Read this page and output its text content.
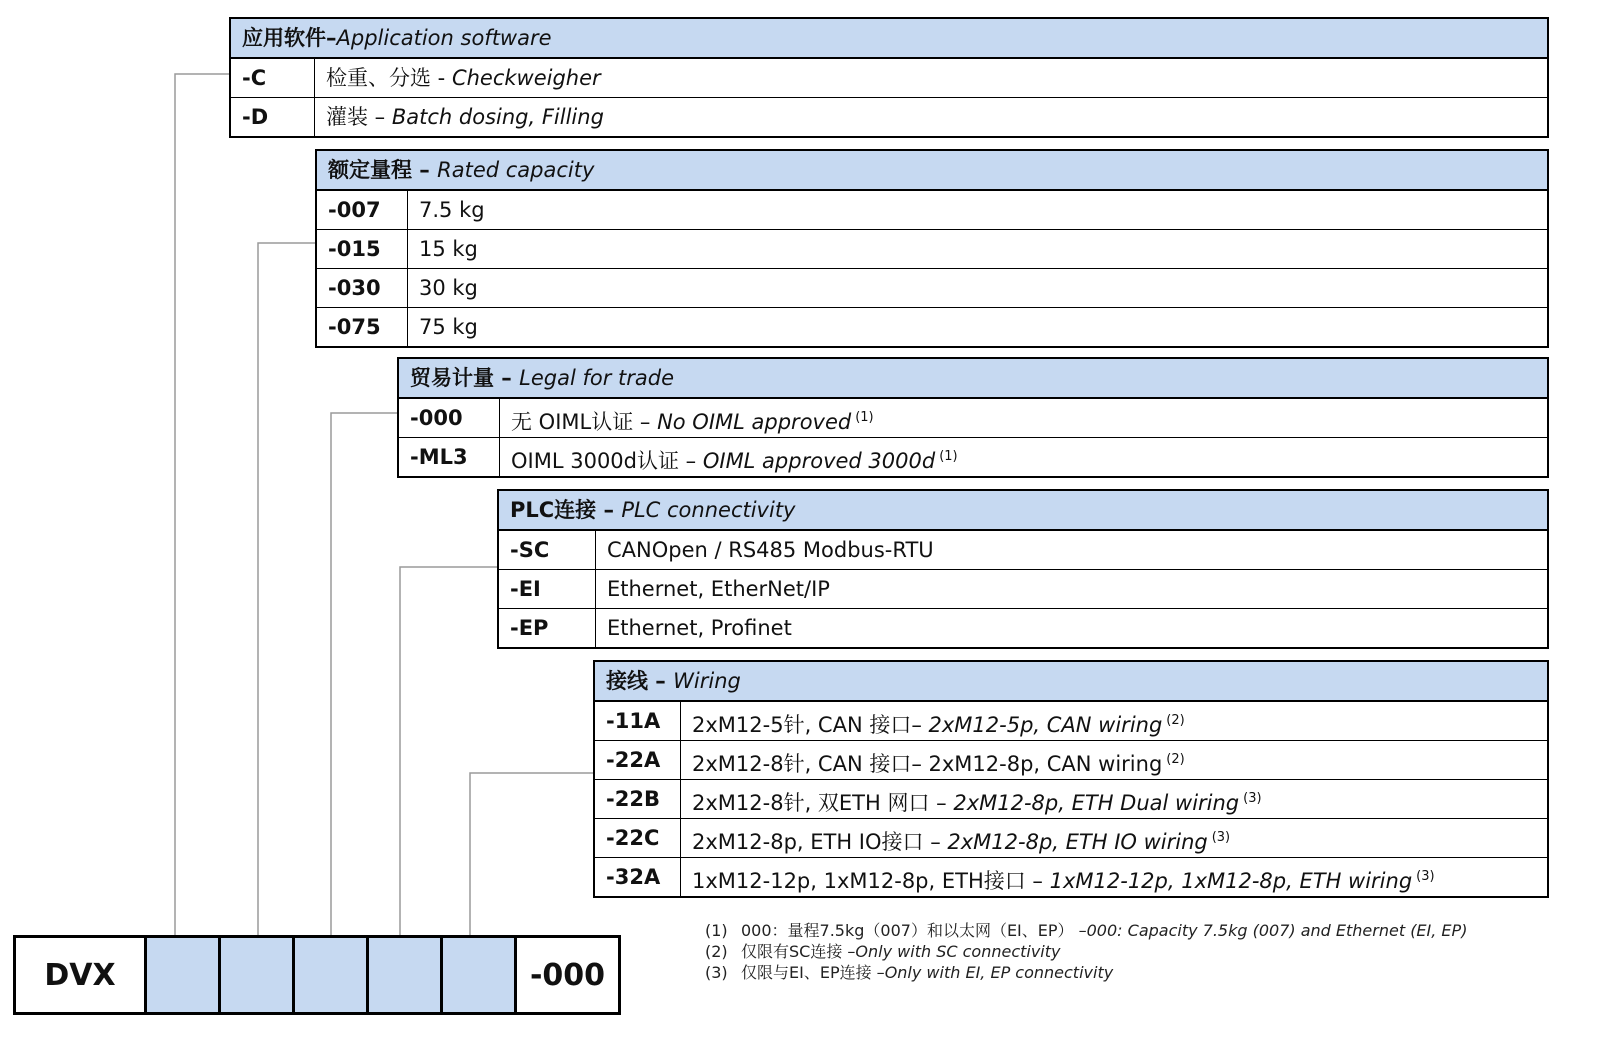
应用软件–Application software
-C	检重、分选 - Checkweigher
-D	灌装 – Batch dosing, Filling
额定量程 – Rated capacity
-007	7.5 kg
-015	15 kg
-030	30 kg
-075	75 kg
贸易计量 – Legal for trade
-000	无 OIML认证 – No OIML approved $^{(1)}$
-ML3	OIML 3000d认证 – OIML approved 3000d $^{(1)}$
PLC连接 – PLC connectivity
-SC	CANOpen / RS485 Modbus-RTU
-EI	Ethernet, EtherNet/IP
-EP	Ethernet, Profinet
接线 – Wiring
-11A	2xM12-5针, CAN 接口– 2xM12-5p, CAN wiring $^{(2)}$
-22A	2xM12-8针, CAN 接口– 2xM12-8p, CAN wiring $^{(2)}$
-22B	2xM12-8针, 双ETH 网口 – 2xM12-8p, ETH Dual wiring $^{(3)}$
-22C	2xM12-8p, ETH IO接口 – 2xM12-8p, ETH IO wiring $^{(3)}$
-32A	1xM12-12p, 1xM12-8p, ETH接口 – 1xM12-12p, 1xM12-8p, ETH wiring $^{(3)}$
DVX	-000
(1) 000：量程7.5kg（007）和以太网（EI、EP） – 000: Capacity 7.5kg (007) and Ethernet (EI, EP)
(2) 仅限有SC连接 – Only with SC connectivity
(3) 仅限与EI、EP连接 – Only with EI, EP connectivity
